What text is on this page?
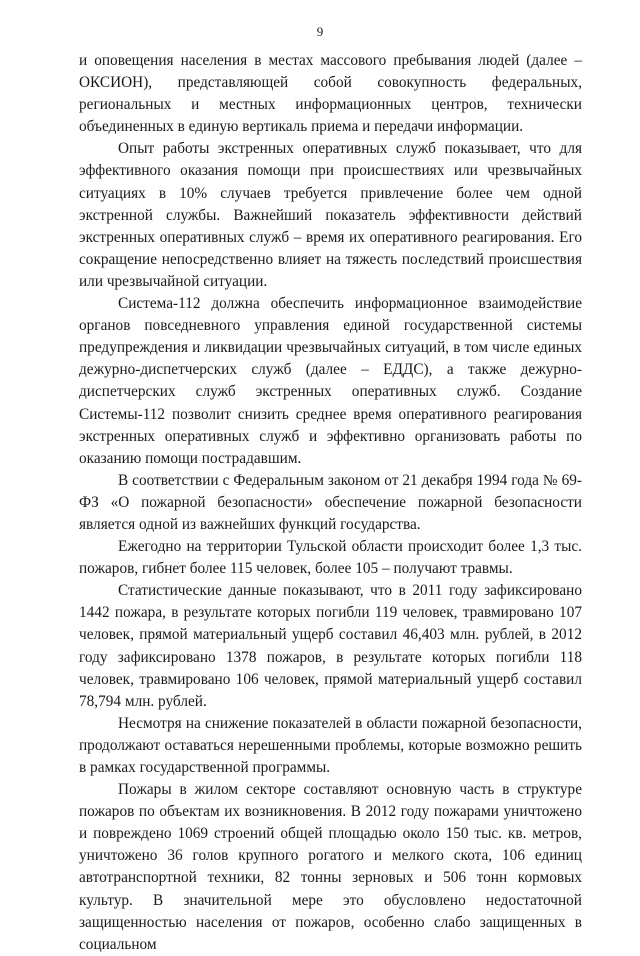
9

и оповещения населения в местах массового пребывания людей (далее – ОКСИОН), представляющей собой совокупность федеральных, региональных и местных информационных центров, технически объединенных в единую вертикаль приема и передачи информации.

Опыт работы экстренных оперативных служб показывает, что для эффективного оказания помощи при происшествиях или чрезвычайных ситуациях в 10% случаев требуется привлечение более чем одной экстренной службы. Важнейший показатель эффективности действий экстренных оперативных служб – время их оперативного реагирования. Его сокращение непосредственно влияет на тяжесть последствий происшествия или чрезвычайной ситуации.

Система-112 должна обеспечить информационное взаимодействие органов повседневного управления единой государственной системы предупреждения и ликвидации чрезвычайных ситуаций, в том числе единых дежурно-диспетчерских служб (далее – ЕДДС), а также дежурно-диспетчерских служб экстренных оперативных служб. Создание Системы-112 позволит снизить среднее время оперативного реагирования экстренных оперативных служб и эффективно организовать работы по оказанию помощи пострадавшим.

В соответствии с Федеральным законом от 21 декабря 1994 года № 69-ФЗ «О пожарной безопасности» обеспечение пожарной безопасности является одной из важнейших функций государства.

Ежегодно на территории Тульской области происходит более 1,3 тыс. пожаров, гибнет более 115 человек, более 105 – получают травмы.

Статистические данные показывают, что в 2011 году зафиксировано 1442 пожара, в результате которых погибли 119 человек, травмировано 107 человек, прямой материальный ущерб составил 46,403 млн. рублей, в 2012 году зафиксировано 1378 пожаров, в результате которых погибли 118 человек, травмировано 106 человек, прямой материальный ущерб составил 78,794 млн. рублей.

Несмотря на снижение показателей в области пожарной безопасности, продолжают оставаться нерешенными проблемы, которые возможно решить в рамках государственной программы.

Пожары в жилом секторе составляют основную часть в структуре пожаров по объектам их возникновения. В 2012 году пожарами уничтожено и повреждено 1069 строений общей площадью около 150 тыс. кв. метров, уничтожено 36 голов крупного рогатого и мелкого скота, 106 единиц автотранспортной техники, 82 тонны зерновых и 506 тонн кормовых культур. В значительной мере это обусловлено недостаточной защищенностью населения от пожаров, особенно слабо защищенных в социальном
